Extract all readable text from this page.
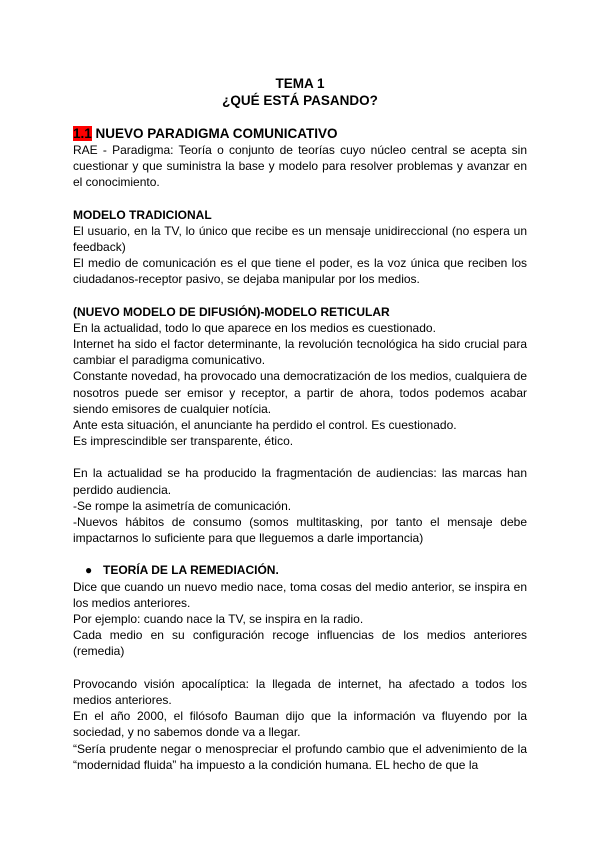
TEMA 1

¿QUÉ ESTÁ PASANDO?

1.1 NUEVO PARADIGMA COMUNICATIVO

RAE - Paradigma: Teoría o conjunto de teorías cuyo núcleo central se acepta sin cuestionar y que suministra la base y modelo para resolver problemas y avanzar en el conocimiento.

MODELO TRADICIONAL

El usuario, en la TV, lo único que recibe es un mensaje unidireccional (no espera un feedback)

El medio de comunicación es el que tiene el poder, es la voz única que reciben los ciudadanos-receptor pasivo, se dejaba manipular por los medios.

(NUEVO MODELO DE DIFUSIÓN)-MODELO RETICULAR

En la actualidad, todo lo que aparece en los medios es cuestionado.

Internet ha sido el factor determinante, la revolución tecnológica ha sido crucial para cambiar el paradigma comunicativo.

Constante novedad, ha provocado una democratización de los medios, cualquiera de nosotros puede ser emisor y receptor, a partir de ahora, todos podemos acabar siendo emisores de cualquier notícia.

Ante esta situación, el anunciante ha perdido el control. Es cuestionado.

Es imprescindible ser transparente, ético.

En la actualidad se ha producido la fragmentación de audiencias: las marcas han perdido audiencia.

-Se rompe la asimetría de comunicación.

-Nuevos hábitos de consumo (somos multitasking, por tanto el mensaje debe impactarnos lo suficiente para que lleguemos a darle importancia)

● TEORÍA DE LA REMEDIACIÓN.

Dice que cuando un nuevo medio nace, toma cosas del medio anterior, se inspira en los medios anteriores.

Por ejemplo: cuando nace la TV, se inspira en la radio.

Cada medio en su configuración recoge influencias de los medios anteriores (remedia)

Provocando visión apocalíptica: la llegada de internet, ha afectado a todos los medios anteriores.

En el año 2000, el filósofo Bauman dijo que la información va fluyendo por la sociedad, y no sabemos donde va a llegar.

“Sería prudente negar o menospreciar el profundo cambio que el advenimiento de la “modernidad fluida” ha impuesto a la condición humana. EL hecho de que la
